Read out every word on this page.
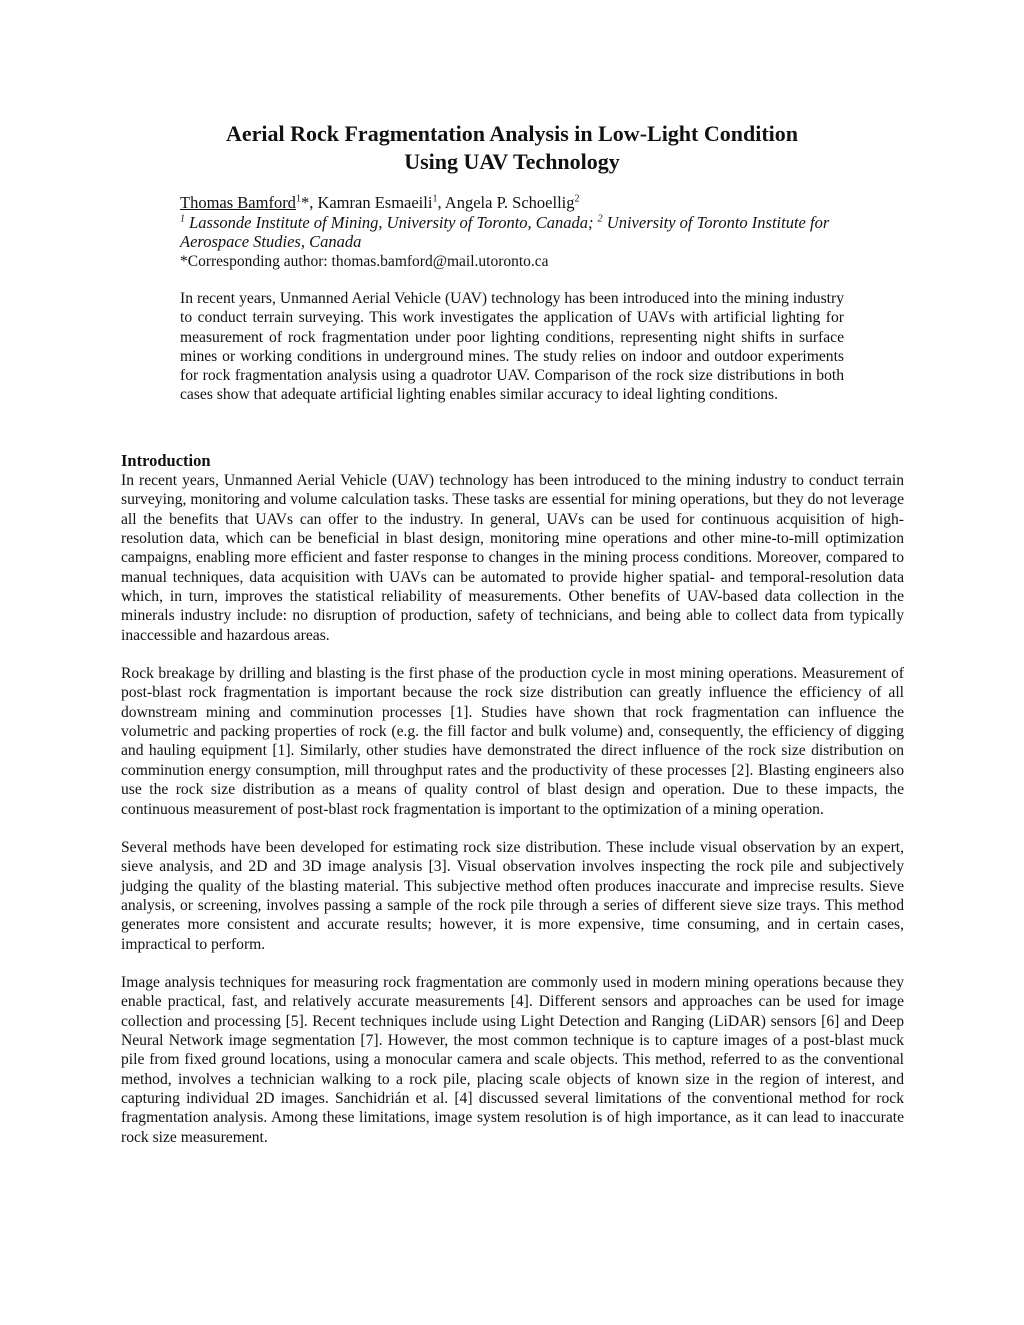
Aerial Rock Fragmentation Analysis in Low-Light Condition
Using UAV Technology
Thomas Bamford$^1$*, Kamran Esmaeili$^1$, Angela P. Schoellig$^2$
$^1$ Lassonde Institute of Mining, University of Toronto, Canada; $^2$ University of Toronto Institute for Aerospace Studies, Canada
*Corresponding author: thomas.bamford@mail.utoronto.ca
In recent years, Unmanned Aerial Vehicle (UAV) technology has been introduced into the mining industry to conduct terrain surveying. This work investigates the application of UAVs with artificial lighting for measurement of rock fragmentation under poor lighting conditions, representing night shifts in surface mines or working conditions in underground mines. The study relies on indoor and outdoor experiments for rock fragmentation analysis using a quadrotor UAV. Comparison of the rock size distributions in both cases show that adequate artificial lighting enables similar accuracy to ideal lighting conditions.
Introduction

In recent years, Unmanned Aerial Vehicle (UAV) technology has been introduced to the mining industry to conduct terrain surveying, monitoring and volume calculation tasks. These tasks are essential for mining operations, but they do not leverage all the benefits that UAVs can offer to the industry. In general, UAVs can be used for continuous acquisition of high-resolution data, which can be beneficial in blast design, monitoring mine operations and other mine-to-mill optimization campaigns, enabling more efficient and faster response to changes in the mining process conditions. Moreover, compared to manual techniques, data acquisition with UAVs can be automated to provide higher spatial- and temporal-resolution data which, in turn, improves the statistical reliability of measurements. Other benefits of UAV-based data collection in the minerals industry include: no disruption of production, safety of technicians, and being able to collect data from typically inaccessible and hazardous areas.

Rock breakage by drilling and blasting is the first phase of the production cycle in most mining operations. Measurement of post-blast rock fragmentation is important because the rock size distribution can greatly influence the efficiency of all downstream mining and comminution processes [1]. Studies have shown that rock fragmentation can influence the volumetric and packing properties of rock (e.g. the fill factor and bulk volume) and, consequently, the efficiency of digging and hauling equipment [1]. Similarly, other studies have demonstrated the direct influence of the rock size distribution on comminution energy consumption, mill throughput rates and the productivity of these processes [2]. Blasting engineers also use the rock size distribution as a means of quality control of blast design and operation. Due to these impacts, the continuous measurement of post-blast rock fragmentation is important to the optimization of a mining operation.

Several methods have been developed for estimating rock size distribution. These include visual observation by an expert, sieve analysis, and 2D and 3D image analysis [3]. Visual observation involves inspecting the rock pile and subjectively judging the quality of the blasting material. This subjective method often produces inaccurate and imprecise results. Sieve analysis, or screening, involves passing a sample of the rock pile through a series of different sieve size trays. This method generates more consistent and accurate results; however, it is more expensive, time consuming, and in certain cases, impractical to perform.

Image analysis techniques for measuring rock fragmentation are commonly used in modern mining operations because they enable practical, fast, and relatively accurate measurements [4]. Different sensors and approaches can be used for image collection and processing [5]. Recent techniques include using Light Detection and Ranging (LiDAR) sensors [6] and Deep Neural Network image segmentation [7]. However, the most common technique is to capture images of a post-blast muck pile from fixed ground locations, using a monocular camera and scale objects. This method, referred to as the conventional method, involves a technician walking to a rock pile, placing scale objects of known size in the region of interest, and capturing individual 2D images. Sanchidrián et al. [4] discussed several limitations of the conventional method for rock fragmentation analysis. Among these limitations, image system resolution is of high importance, as it can lead to inaccurate rock size measurement.
